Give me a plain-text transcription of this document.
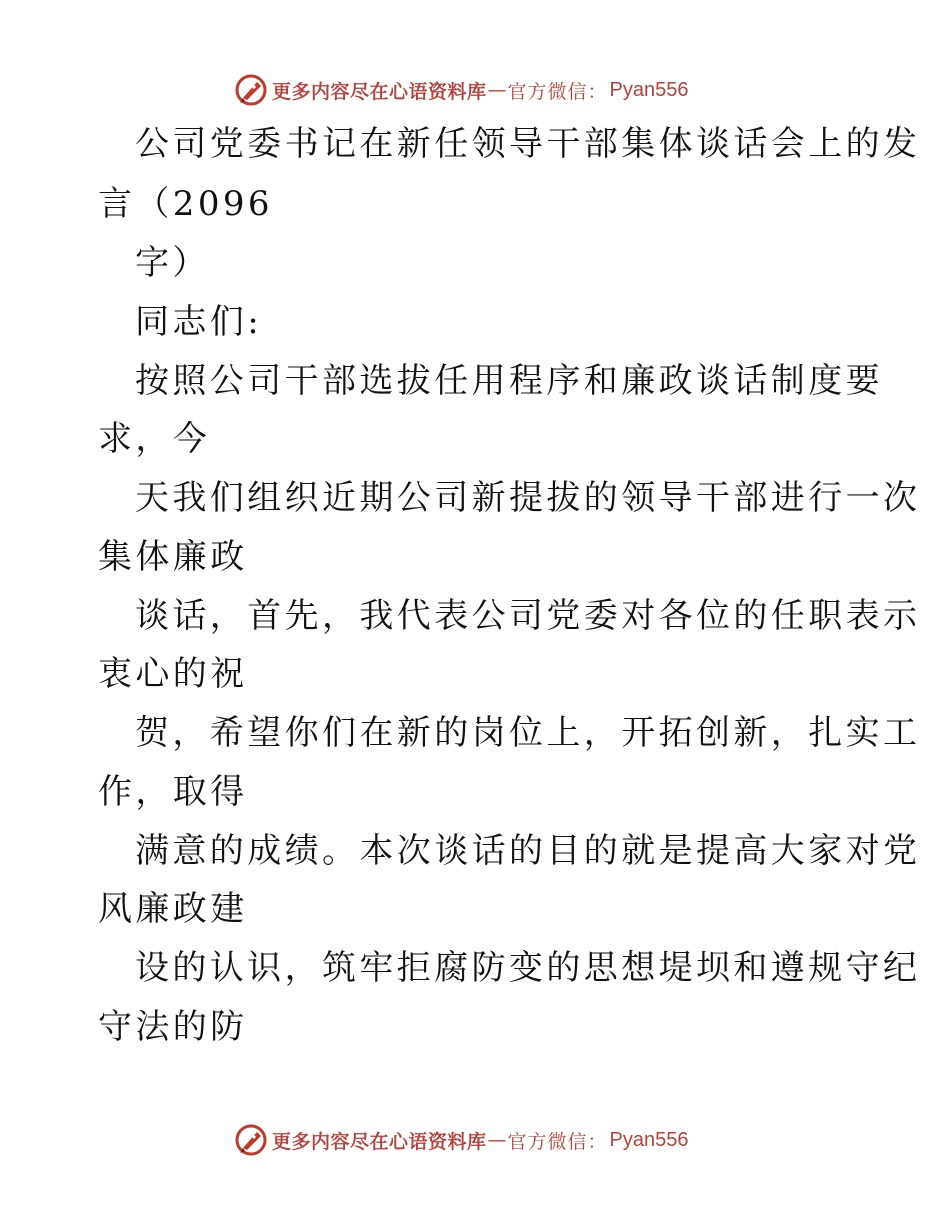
更多内容尽在心语资料库 — 官方微信： Pyan556
公司党委书记在新任领导干部集体谈话会上的发
言（2096
字）
同志们:
按照公司干部选拔任用程序和廉政谈话制度要
求，今
天我们组织近期公司新提拔的领导干部进行一次
集体廉政
谈话，首先，我代表公司党委对各位的任职表示
衷心的祝
贺，希望你们在新的岗位上，开拓创新，扎实工
作，取得
满意的成绩。本次谈话的目的就是提高大家对党
风廉政建
设的认识，筑牢拒腐防变的思想堤坝和遵规守纪
守法的防
更多内容尽在心语资料库 — 官方微信： Pyan556
